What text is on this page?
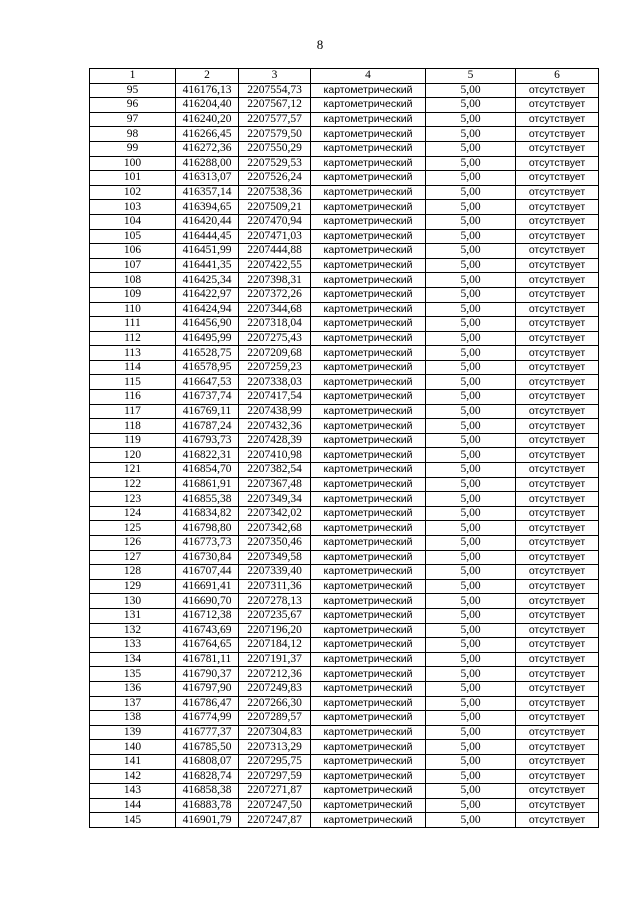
8
1	2	3	4	5	6
95	416176,13	2207554,73	картометрический	5,00	отсутствует
96	416204,40	2207567,12	картометрический	5,00	отсутствует
97	416240,20	2207577,57	картометрический	5,00	отсутствует
98	416266,45	2207579,50	картометрический	5,00	отсутствует
99	416272,36	2207550,29	картометрический	5,00	отсутствует
100	416288,00	2207529,53	картометрический	5,00	отсутствует
101	416313,07	2207526,24	картометрический	5,00	отсутствует
102	416357,14	2207538,36	картометрический	5,00	отсутствует
103	416394,65	2207509,21	картометрический	5,00	отсутствует
104	416420,44	2207470,94	картометрический	5,00	отсутствует
105	416444,45	2207471,03	картометрический	5,00	отсутствует
106	416451,99	2207444,88	картометрический	5,00	отсутствует
107	416441,35	2207422,55	картометрический	5,00	отсутствует
108	416425,34	2207398,31	картометрический	5,00	отсутствует
109	416422,97	2207372,26	картометрический	5,00	отсутствует
110	416424,94	2207344,68	картометрический	5,00	отсутствует
111	416456,90	2207318,04	картометрический	5,00	отсутствует
112	416495,99	2207275,43	картометрический	5,00	отсутствует
113	416528,75	2207209,68	картометрический	5,00	отсутствует
114	416578,95	2207259,23	картометрический	5,00	отсутствует
115	416647,53	2207338,03	картометрический	5,00	отсутствует
116	416737,74	2207417,54	картометрический	5,00	отсутствует
117	416769,11	2207438,99	картометрический	5,00	отсутствует
118	416787,24	2207432,36	картометрический	5,00	отсутствует
119	416793,73	2207428,39	картометрический	5,00	отсутствует
120	416822,31	2207410,98	картометрический	5,00	отсутствует
121	416854,70	2207382,54	картометрический	5,00	отсутствует
122	416861,91	2207367,48	картометрический	5,00	отсутствует
123	416855,38	2207349,34	картометрический	5,00	отсутствует
124	416834,82	2207342,02	картометрический	5,00	отсутствует
125	416798,80	2207342,68	картометрический	5,00	отсутствует
126	416773,73	2207350,46	картометрический	5,00	отсутствует
127	416730,84	2207349,58	картометрический	5,00	отсутствует
128	416707,44	2207339,40	картометрический	5,00	отсутствует
129	416691,41	2207311,36	картометрический	5,00	отсутствует
130	416690,70	2207278,13	картометрический	5,00	отсутствует
131	416712,38	2207235,67	картометрический	5,00	отсутствует
132	416743,69	2207196,20	картометрический	5,00	отсутствует
133	416764,65	2207184,12	картометрический	5,00	отсутствует
134	416781,11	2207191,37	картометрический	5,00	отсутствует
135	416790,37	2207212,36	картометрический	5,00	отсутствует
136	416797,90	2207249,83	картометрический	5,00	отсутствует
137	416786,47	2207266,30	картометрический	5,00	отсутствует
138	416774,99	2207289,57	картометрический	5,00	отсутствует
139	416777,37	2207304,83	картометрический	5,00	отсутствует
140	416785,50	2207313,29	картометрический	5,00	отсутствует
141	416808,07	2207295,75	картометрический	5,00	отсутствует
142	416828,74	2207297,59	картометрический	5,00	отсутствует
143	416858,38	2207271,87	картометрический	5,00	отсутствует
144	416883,78	2207247,50	картометрический	5,00	отсутствует
145	416901,79	2207247,87	картометрический	5,00	отсутствует
